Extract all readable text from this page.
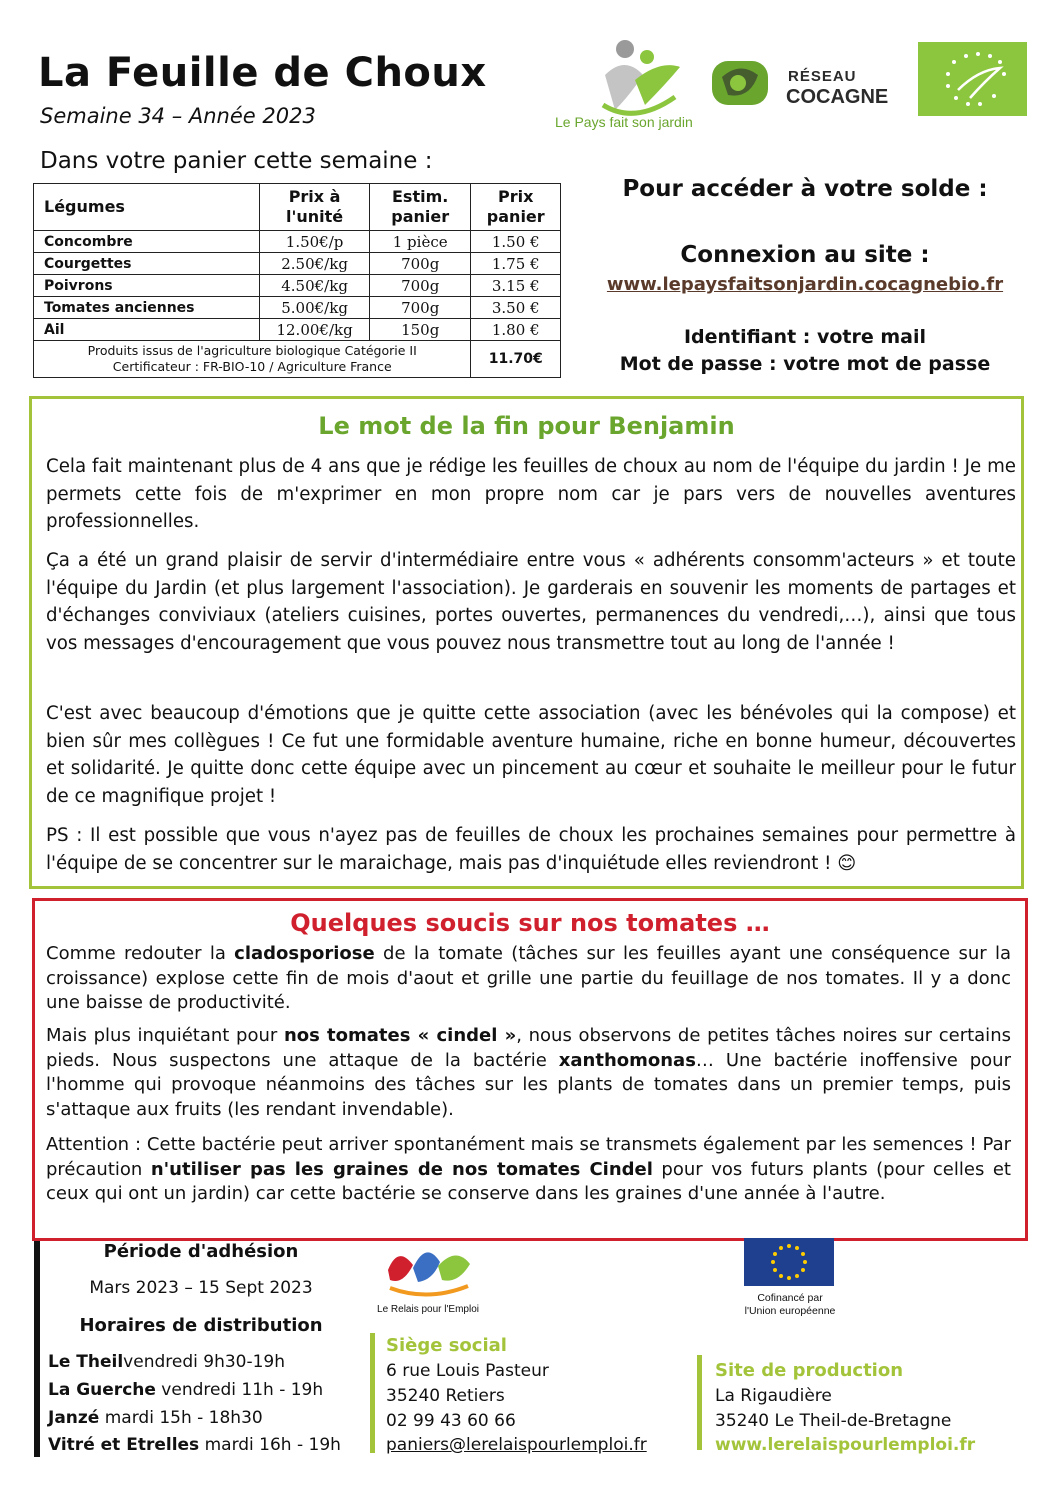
La Feuille de Choux
Semaine 34 – Année 2023
Dans votre panier cette semaine :
Le Pays fait son jardin
RÉSEAU
COCAGNE
Légumes	Prix à l'unité	Estim. panier	Prix panier
Concombre	1.50€/p	1 pièce	1.50 €
Courgettes	2.50€/kg	700g	1.75 €
Poivrons	4.50€/kg	700g	3.15 €
Tomates anciennes	5.00€/kg	700g	3.50 €
Ail	12.00€/kg	150g	1.80 €

Produits issus de l'agriculture biologique Catégorie II
Certificateur : FR-BIO-10 / Agriculture France			11.70€
Pour accéder à votre solde :
Connexion au site :
www.lepaysfaitsonjardin.cocagnebio.fr
Identifiant : votre mail
Mot de passe : votre mot de passe
Le mot de la fin pour Benjamin
Cela fait maintenant plus de 4 ans que je rédige les feuilles de choux au nom de l'équipe du jardin ! Je me permets cette fois de m'exprimer en mon propre nom car je pars vers de nouvelles aventures professionnelles.
Ça a été un grand plaisir de servir d'intermédiaire entre vous « adhérents consomm'acteurs » et toute l'équipe du Jardin (et plus largement l'association). Je garderais en souvenir les moments de partages et d'échanges conviviaux (ateliers cuisines, portes ouvertes, permanences du vendredi,…), ainsi que tous vos messages d'encouragement que vous pouvez nous transmettre tout au long de l'année !
C'est avec beaucoup d'émotions que je quitte cette association (avec les bénévoles qui la compose) et bien sûr mes collègues ! Ce fut une formidable aventure humaine, riche en bonne humeur, découvertes et solidarité. Je quitte donc cette équipe avec un pincement au cœur et souhaite le meilleur pour le futur de ce magnifique projet !
PS : Il est possible que vous n'ayez pas de feuilles de choux les prochaines semaines pour permettre à l'équipe de se concentrer sur le maraichage, mais pas d'inquiétude elles reviendront ! 😊
Quelques soucis sur nos tomates …
Comme redouter la cladosporiose de la tomate (tâches sur les feuilles ayant une conséquence sur la croissance) explose cette fin de mois d'aout et grille une partie du feuillage de nos tomates. Il y a donc une baisse de productivité.
Mais plus inquiétant pour nos tomates « cindel », nous observons de petites tâches noires sur certains pieds. Nous suspectons une attaque de la bactérie xanthomonas… Une bactérie inoffensive pour l'homme qui provoque néanmoins des tâches sur les plants de tomates dans un premier temps, puis s'attaque aux fruits (les rendant invendable).
Attention : Cette bactérie peut arriver spontanément mais se transmets également par les semences ! Par précaution n'utiliser pas les graines de nos tomates Cindel pour vos futurs plants (pour celles et ceux qui ont un jardin) car cette bactérie se conserve dans les graines d'une année à l'autre.
Période d'adhésion
Mars 2023 – 15 Sept 2023
Horaires de distribution
Le Theilvendredi 9h30-19h
La Guerche vendredi 11h - 19h
Janzé mardi 15h - 18h30
Vitré et Etrelles mardi 16h - 19h
Le Relais pour l'Emploi
Cofinancé par
l'Union européenne
Siège social
6 rue Louis Pasteur
35240 Retiers
02 99 43 60 66
paniers@lerelaispourlemploi.fr
Site de production
La Rigaudière
35240 Le Theil-de-Bretagne
www.lerelaispourlemploi.fr
